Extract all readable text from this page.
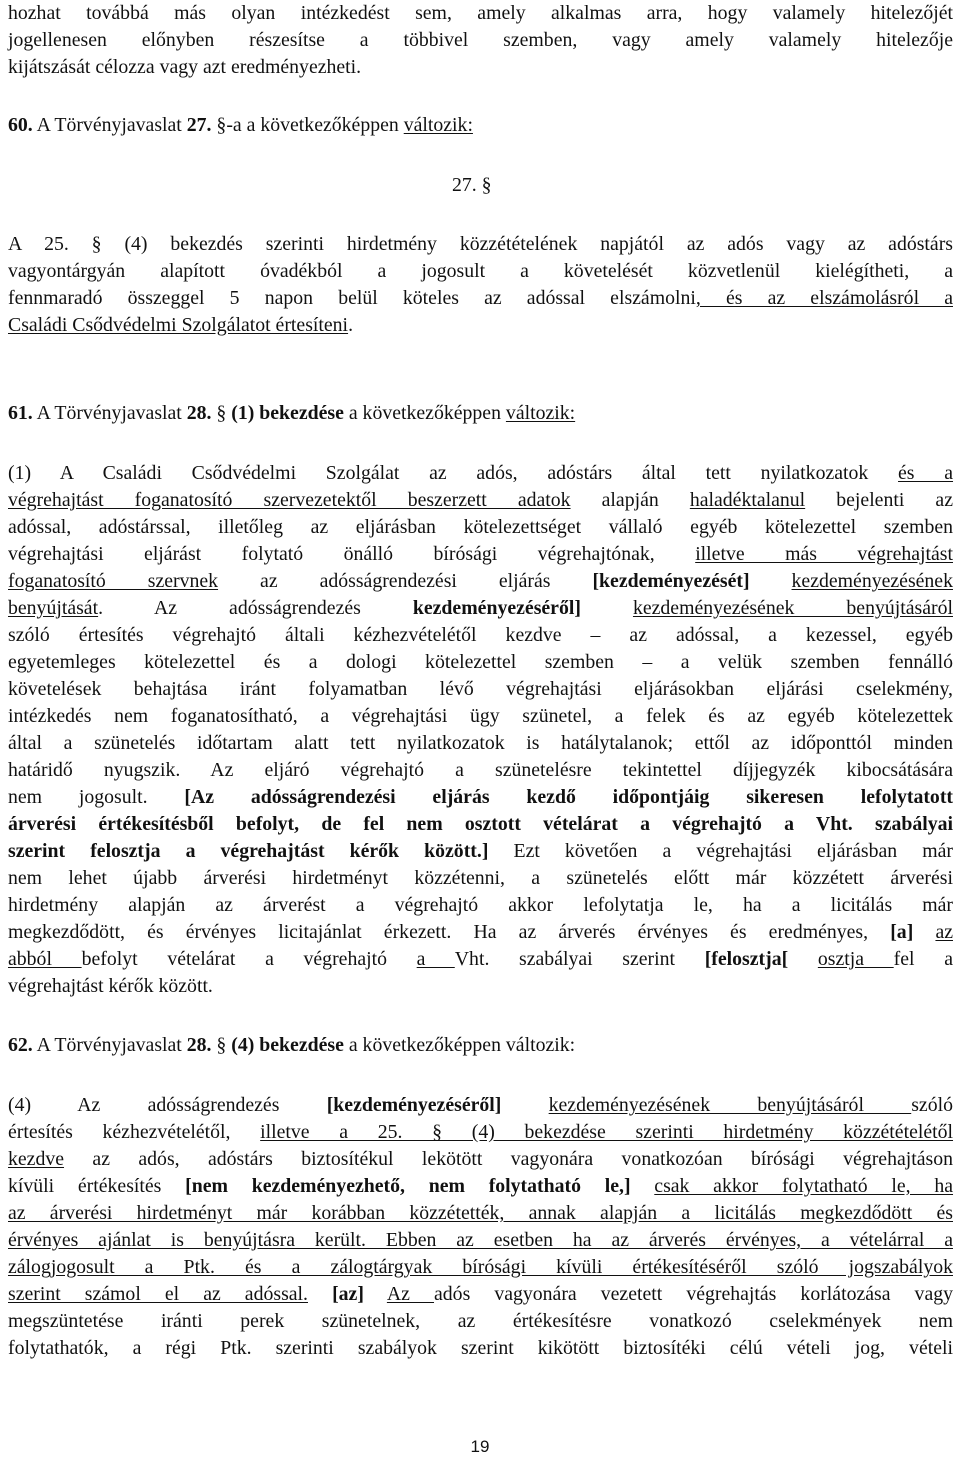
hozhat továbbá más olyan intézkedést sem, amely alkalmas arra, hogy valamely hitelezőjét
jogellenesen előnyben részesítse a többivel szemben, vagy amely valamely hitelezője
kijátszását célozza vagy azt eredményezheti.
60. A Törvényjavaslat 27. §-a a következőképpen változik:
27. §
A 25. § (4) bekezdés szerinti hirdetmény közzétételének napjától az adós vagy az adóstárs
vagyontárgyán alapított óvadékból a jogosult a követelését közvetlenül kielégítheti, a
fennmaradó összeggel 5 napon belül köteles az adóssal elszámolni, és az elszámolásról a
Családi Csődvédelmi Szolgálatot értesíteni.
61. A Törvényjavaslat 28. § (1) bekezdése a következőképpen változik:
(1) A Családi Csődvédelmi Szolgálat az adós, adóstárs által tett nyilatkozatok és a
végrehajtást foganatosító szervezetektől beszerzett adatok alapján haladéktalanul bejelenti az
adóssal, adóstárssal, illetőleg az eljárásban kötelezettséget vállaló egyéb kötelezettel szemben
végrehajtási eljárást folytató önálló bírósági végrehajtónak, illetve más végrehajtást
foganatosító szervnek az adósságrendezési eljárás [kezdeményezését] kezdeményezésének
benyújtását. Az adósságrendezés kezdeményezéséről]	kezdeményezésének benyújtásáról
szóló értesítés végrehajtó általi kézhezvételétől kezdve – az adóssal, a kezessel, egyéb
egyetemleges kötelezettel és a dologi kötelezettel szemben – a velük szemben fennálló
követelések behajtása iránt folyamatban lévő végrehajtási eljárásokban eljárási cselekmény,
intézkedés nem foganatosítható, a végrehajtási ügy szünetel, a felek és az egyéb kötelezettek
által a szünetelés időtartam alatt tett nyilatkozatok is hatálytalanok; ettől az időponttól minden
határidő nyugszik. Az eljáró végrehajtó a szünetelésre tekintettel díjjegyzék kibocsátására
nem jogosult. [Az adósságrendezési eljárás kezdő időpontjáig sikeresen lefolytatott
árverési értékesítésből befolyt, de fel nem osztott vételárat a végrehajtó a Vht. szabályai
szerint felosztja a végrehajtást kérők között.] Ezt követően a végrehajtási eljárásban már
nem lehet újabb árverési hirdetményt közzétenni, a szünetelés előtt már közzétett árverési
hirdetmény alapján az árverést a végrehajtó akkor lefolytatja le, ha a licitálás már
megkezdődött, és érvényes licitajánlat érkezett. Ha az árverés érvényes és eredményes, [a] az
abból befolyt vételárat a végrehajtó a Vht. szabályai szerint [felosztja[ osztja fel a
végrehajtást kérők között.
62. A Törvényjavaslat 28. § (4) bekezdése a következőképpen változik:
(4) Az adósságrendezés [kezdeményezéséről] kezdeményezésének benyújtásáról szóló
értesítés kézhezvételétől, illetve a 25. § (4) bekezdése szerinti hirdetmény közzétételétől
kezdve az adós, adóstárs biztosítékul lekötött vagyonára vonatkozóan bírósági végrehajtáson
kívüli értékesítés [nem kezdeményezhető, nem folytatható le,] csak akkor folytatható le, ha
az árverési hirdetményt már korábban közzétették, annak alapján a licitálás megkezdődött és
érvényes ajánlat is benyújtásra került. Ebben az esetben ha az árverés érvényes, a vételárral a
zálogjogosult a Ptk. és a zálogtárgyak bírósági kívüli értékesítéséről szóló jogszabályok
szerint számol el az adóssal. [az] Az adós vagyonára vezetett végrehajtás korlátozása vagy
megszüntetése iránti perek szünetelnek, az értékesítésre vonatkozó cselekmények nem
folytathatók, a régi Ptk. szerinti szabályok szerint kikötött biztosítéki célú vételi jog, vételi
19
